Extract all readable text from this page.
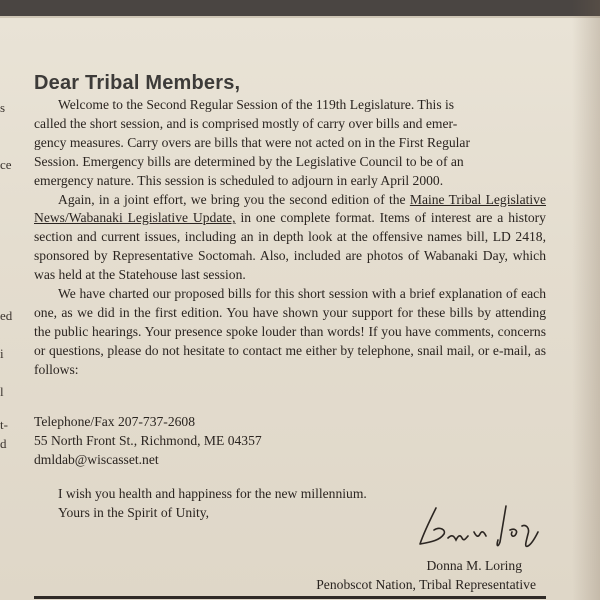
s
ce
ed
i
l
t-
d
Dear Tribal Members,

Welcome to the Second Regular Session of the 119th Legislature. This is
called the short session, and is comprised mostly of carry over bills and emer-
gency measures. Carry overs are bills that were not acted on in the First Regular
Session. Emergency bills are determined by the Legislative Council to be of an
emergency nature. This session is scheduled to adjourn in early April 2000.

Again, in a joint effort, we bring you the second edition of the Maine Tribal Legislative News/Wabanaki Legislative Update, in one complete format. Items of interest are a history section and current issues, including an in depth look at the offensive names bill, LD 2418, sponsored by Representative Soctomah. Also, included are photos of Wabanaki Day, which was held at the Statehouse last session.

We have charted our proposed bills for this short session with a brief explanation of each one, as we did in the first edition. You have shown your support for these bills by attending the public hearings. Your presence spoke louder than words! If you have comments, concerns or questions, please do not hesitate to contact me either by telephone, snail mail, or e-mail, as follows:

Telephone/Fax 207-737-2608
55 North Front St., Richmond, ME 04357
dmldab@wiscasset.net
I wish you health and happiness for the new millennium.
Yours in the Spirit of Unity,
Donna M. Loring
Penobscot Nation, Tribal Representative
